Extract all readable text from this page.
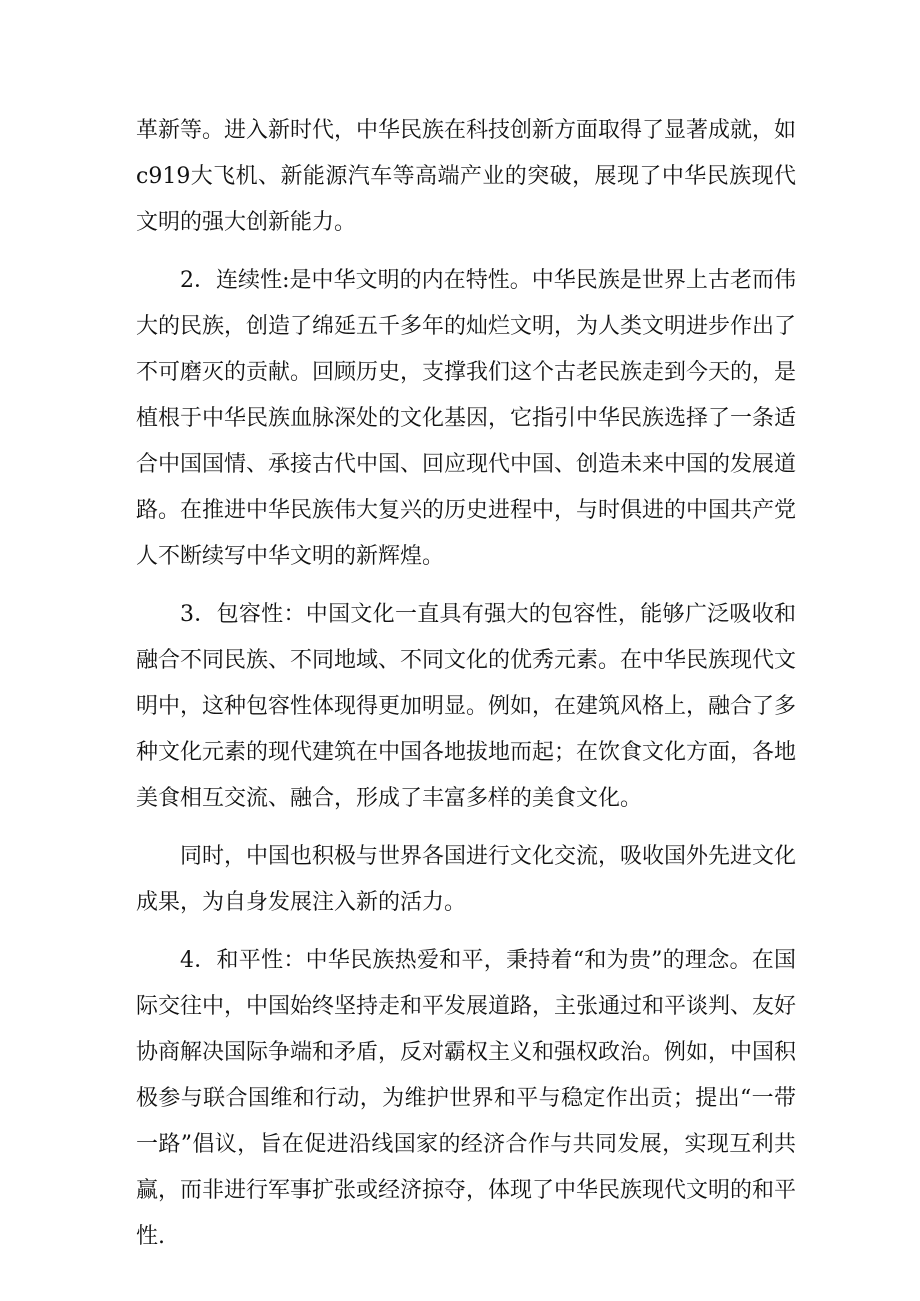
革新等。进入新时代，中华民族在科技创新方面取得了显著成就，如c919大飞机、新能源汽车等高端产业的突破，展现了中华民族现代文明的强大创新能力。

2．连续性:是中华文明的内在特性。中华民族是世界上古老而伟大的民族，创造了绵延五千多年的灿烂文明，为人类文明进步作出了不可磨灭的贡献。回顾历史，支撑我们这个古老民族走到今天的，是植根于中华民族血脉深处的文化基因，它指引中华民族选择了一条适合中国国情、承接古代中国、回应现代中国、创造未来中国的发展道路。在推进中华民族伟大复兴的历史进程中，与时俱进的中国共产党人不断续写中华文明的新辉煌。

3．包容性：中国文化一直具有强大的包容性，能够广泛吸收和融合不同民族、不同地域、不同文化的优秀元素。在中华民族现代文明中，这种包容性体现得更加明显。例如，在建筑风格上，融合了多种文化元素的现代建筑在中国各地拔地而起；在饮食文化方面，各地美食相互交流、融合，形成了丰富多样的美食文化。

同时，中国也积极与世界各国进行文化交流，吸收国外先进文化成果，为自身发展注入新的活力。

4．和平性：中华民族热爱和平，秉持着“和为贵”的理念。在国际交往中，中国始终坚持走和平发展道路，主张通过和平谈判、友好协商解决国际争端和矛盾，反对霸权主义和强权政治。例如，中国积极参与联合国维和行动，为维护世界和平与稳定作出贡；提出“一带一路”倡议，旨在促进沿线国家的经济合作与共同发展，实现互利共赢，而非进行军事扩张或经济掠夺，体现了中华民族现代文明的和平性.
